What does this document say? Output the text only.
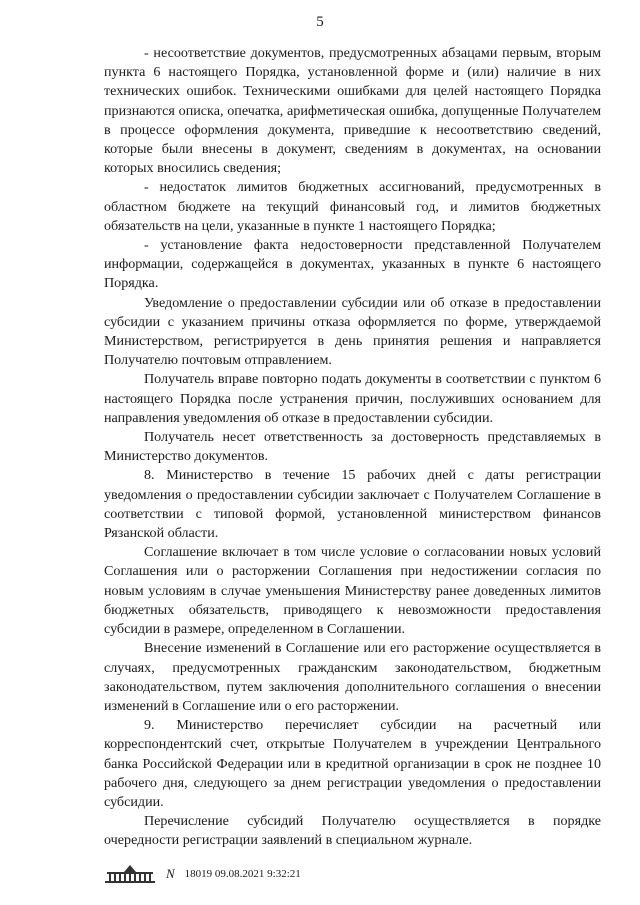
5

- несоответствие документов, предусмотренных абзацами первым, вторым пункта 6 настоящего Порядка, установленной форме и (или) наличие в них технических ошибок. Техническими ошибками для целей настоящего Порядка признаются описка, опечатка, арифметическая ошибка, допущенные Получателем в процессе оформления документа, приведшие к несоответствию сведений, которые были внесены в документ, сведениям в документах, на основании которых вносились сведения;

- недостаток лимитов бюджетных ассигнований, предусмотренных в областном бюджете на текущий финансовый год, и лимитов бюджетных обязательств на цели, указанные в пункте 1 настоящего Порядка;

- установление факта недостоверности представленной Получателем информации, содержащейся в документах, указанных в пункте 6 настоящего Порядка.

Уведомление о предоставлении субсидии или об отказе в предоставлении субсидии с указанием причины отказа оформляется по форме, утверждаемой Министерством, регистрируется в день принятия решения и направляется Получателю почтовым отправлением.

Получатель вправе повторно подать документы в соответствии с пунктом 6 настоящего Порядка после устранения причин, послуживших основанием для направления уведомления об отказе в предоставлении субсидии.

Получатель несет ответственность за достоверность представляемых в Министерство документов.

8. Министерство в течение 15 рабочих дней с даты регистрации уведомления о предоставлении субсидии заключает с Получателем Соглашение в соответствии с типовой формой, установленной министерством финансов Рязанской области.

Соглашение включает в том числе условие о согласовании новых условий Соглашения или о расторжении Соглашения при недостижении согласия по новым условиям в случае уменьшения Министерству ранее доведенных лимитов бюджетных обязательств, приводящего к невозможности предоставления субсидии в размере, определенном в Соглашении.

Внесение изменений в Соглашение или его расторжение осуществляется в случаях, предусмотренных гражданским законодательством, бюджетным законодательством, путем заключения дополнительного соглашения о внесении изменений в Соглашение или о его расторжении.

9. Министерство перечисляет субсидии на расчетный или корреспондентский счет, открытые Получателем в учреждении Центрального банка Российской Федерации или в кредитной организации в срок не позднее 10 рабочего дня, следующего за днем регистрации уведомления о предоставлении субсидии.

Перечисление субсидий Получателю осуществляется в порядке очередности регистрации заявлений в специальном журнале.

Ν 18019 09.08.2021 9:32:21
